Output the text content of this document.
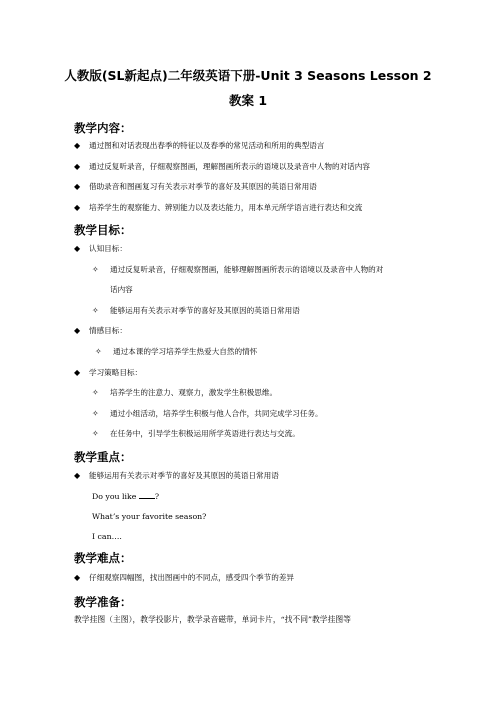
人教版(SL新起点)二年级英语下册-Unit 3 Seasons Lesson 2
教案 1
教学内容：
◆ 通过图和对话表现出春季的特征以及春季的常见活动和所用的典型语言
◆ 通过反复听录音，仔细观察图画，理解图画所表示的语境以及录音中人物的对话内容
◆ 借助录音和图画复习有关表示对季节的喜好及其原因的英语日常用语
◆ 培养学生的观察能力、辨别能力以及表达能力，用本单元所学语言进行表达和交流
教学目标：
◆ 认知目标：
✧ 通过反复听录音，仔细观察图画，能够理解图画所表示的语境以及录音中人物的对
话内容
✧ 能够运用有关表示对季节的喜好及其原因的英语日常用语
◆ 情感目标：
✧ 通过本课的学习培养学生热爱大自然的情怀
◆ 学习策略目标：
✧ 培养学生的注意力、观察力，激发学生积极思维。
✧ 通过小组活动，培养学生积极与他人合作，共同完成学习任务。
✧ 在任务中，引导学生积极运用所学英语进行表达与交流。
教学重点：
◆ 能够运用有关表示对季节的喜好及其原因的英语日常用语
Do you like ?
What’s your favorite season?
I can….
教学难点：
◆ 仔细观察四幅图，找出图画中的不同点，感受四个季节的差异
教学准备：
教学挂图（主图），教学投影片，教学录音磁带，单词卡片，“找不同”教学挂图等
